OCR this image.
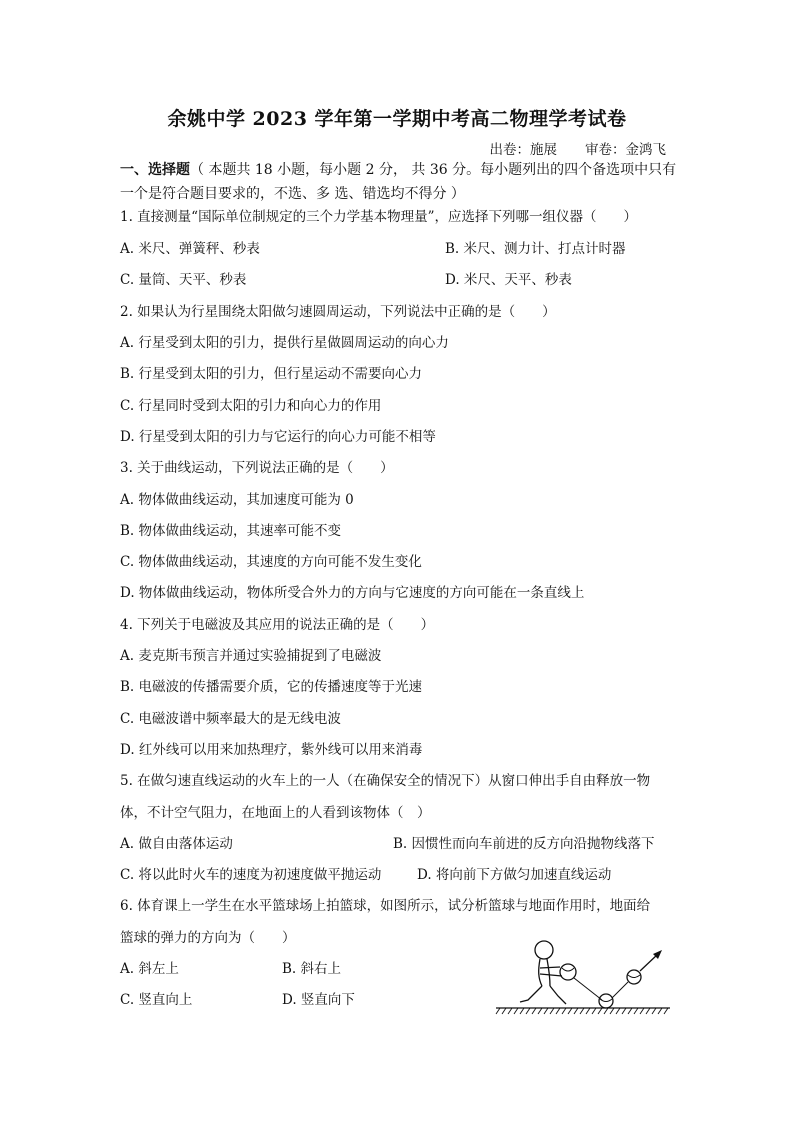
余姚中学 2023 学年第一学期中考高二物理学考试卷
出卷：施展 审卷：金鸿飞
一、选择题（ 本题共 18 小题，每小题 2 分， 共 36 分。每小题列出的四个备选项中只有一个是符合题目要求的，不选、多 选、错选均不得分 ）
1. 直接测量“国际单位制规定的三个力学基本物理量”，应选择下列哪一组仪器（　　）
A. 米尺、弹簧秤、秒表	B. 米尺、测力计、打点计时器
C. 量筒、天平、秒表	D. 米尺、天平、秒表
2. 如果认为行星围绕太阳做匀速圆周运动，下列说法中正确的是（　　）
A. 行星受到太阳的引力，提供行星做圆周运动的向心力
B. 行星受到太阳的引力，但行星运动不需要向心力
C. 行星同时受到太阳的引力和向心力的作用
D. 行星受到太阳的引力与它运行的向心力可能不相等
3. 关于曲线运动，下列说法正确的是（　　）
A. 物体做曲线运动，其加速度可能为 0
B. 物体做曲线运动，其速率可能不变
C. 物体做曲线运动，其速度的方向可能不发生变化
D. 物体做曲线运动，物体所受合外力的方向与它速度的方向可能在一条直线上
4. 下列关于电磁波及其应用的说法正确的是（　　）
A. 麦克斯韦预言并通过实验捕捉到了电磁波
B. 电磁波的传播需要介质，它的传播速度等于光速
C. 电磁波谱中频率最大的是无线电波
D. 红外线可以用来加热理疗，紫外线可以用来消毒
5. 在做匀速直线运动的火车上的一人（在确保安全的情况下）从窗口伸出手自由释放一物
体，不计空气阻力，在地面上的人看到该物体（　）
A. 做自由落体运动	B. 因惯性而向车前进的反方向沿抛物线落下
C. 将以此时火车的速度为初速度做平抛运动	D. 将向前下方做匀加速直线运动
6. 体育课上一学生在水平篮球场上拍篮球，如图所示，试分析篮球与地面作用时，地面给
篮球的弹力的方向为（　　）
A. 斜左上	B. 斜右上
C. 竖直向上	D. 竖直向下
